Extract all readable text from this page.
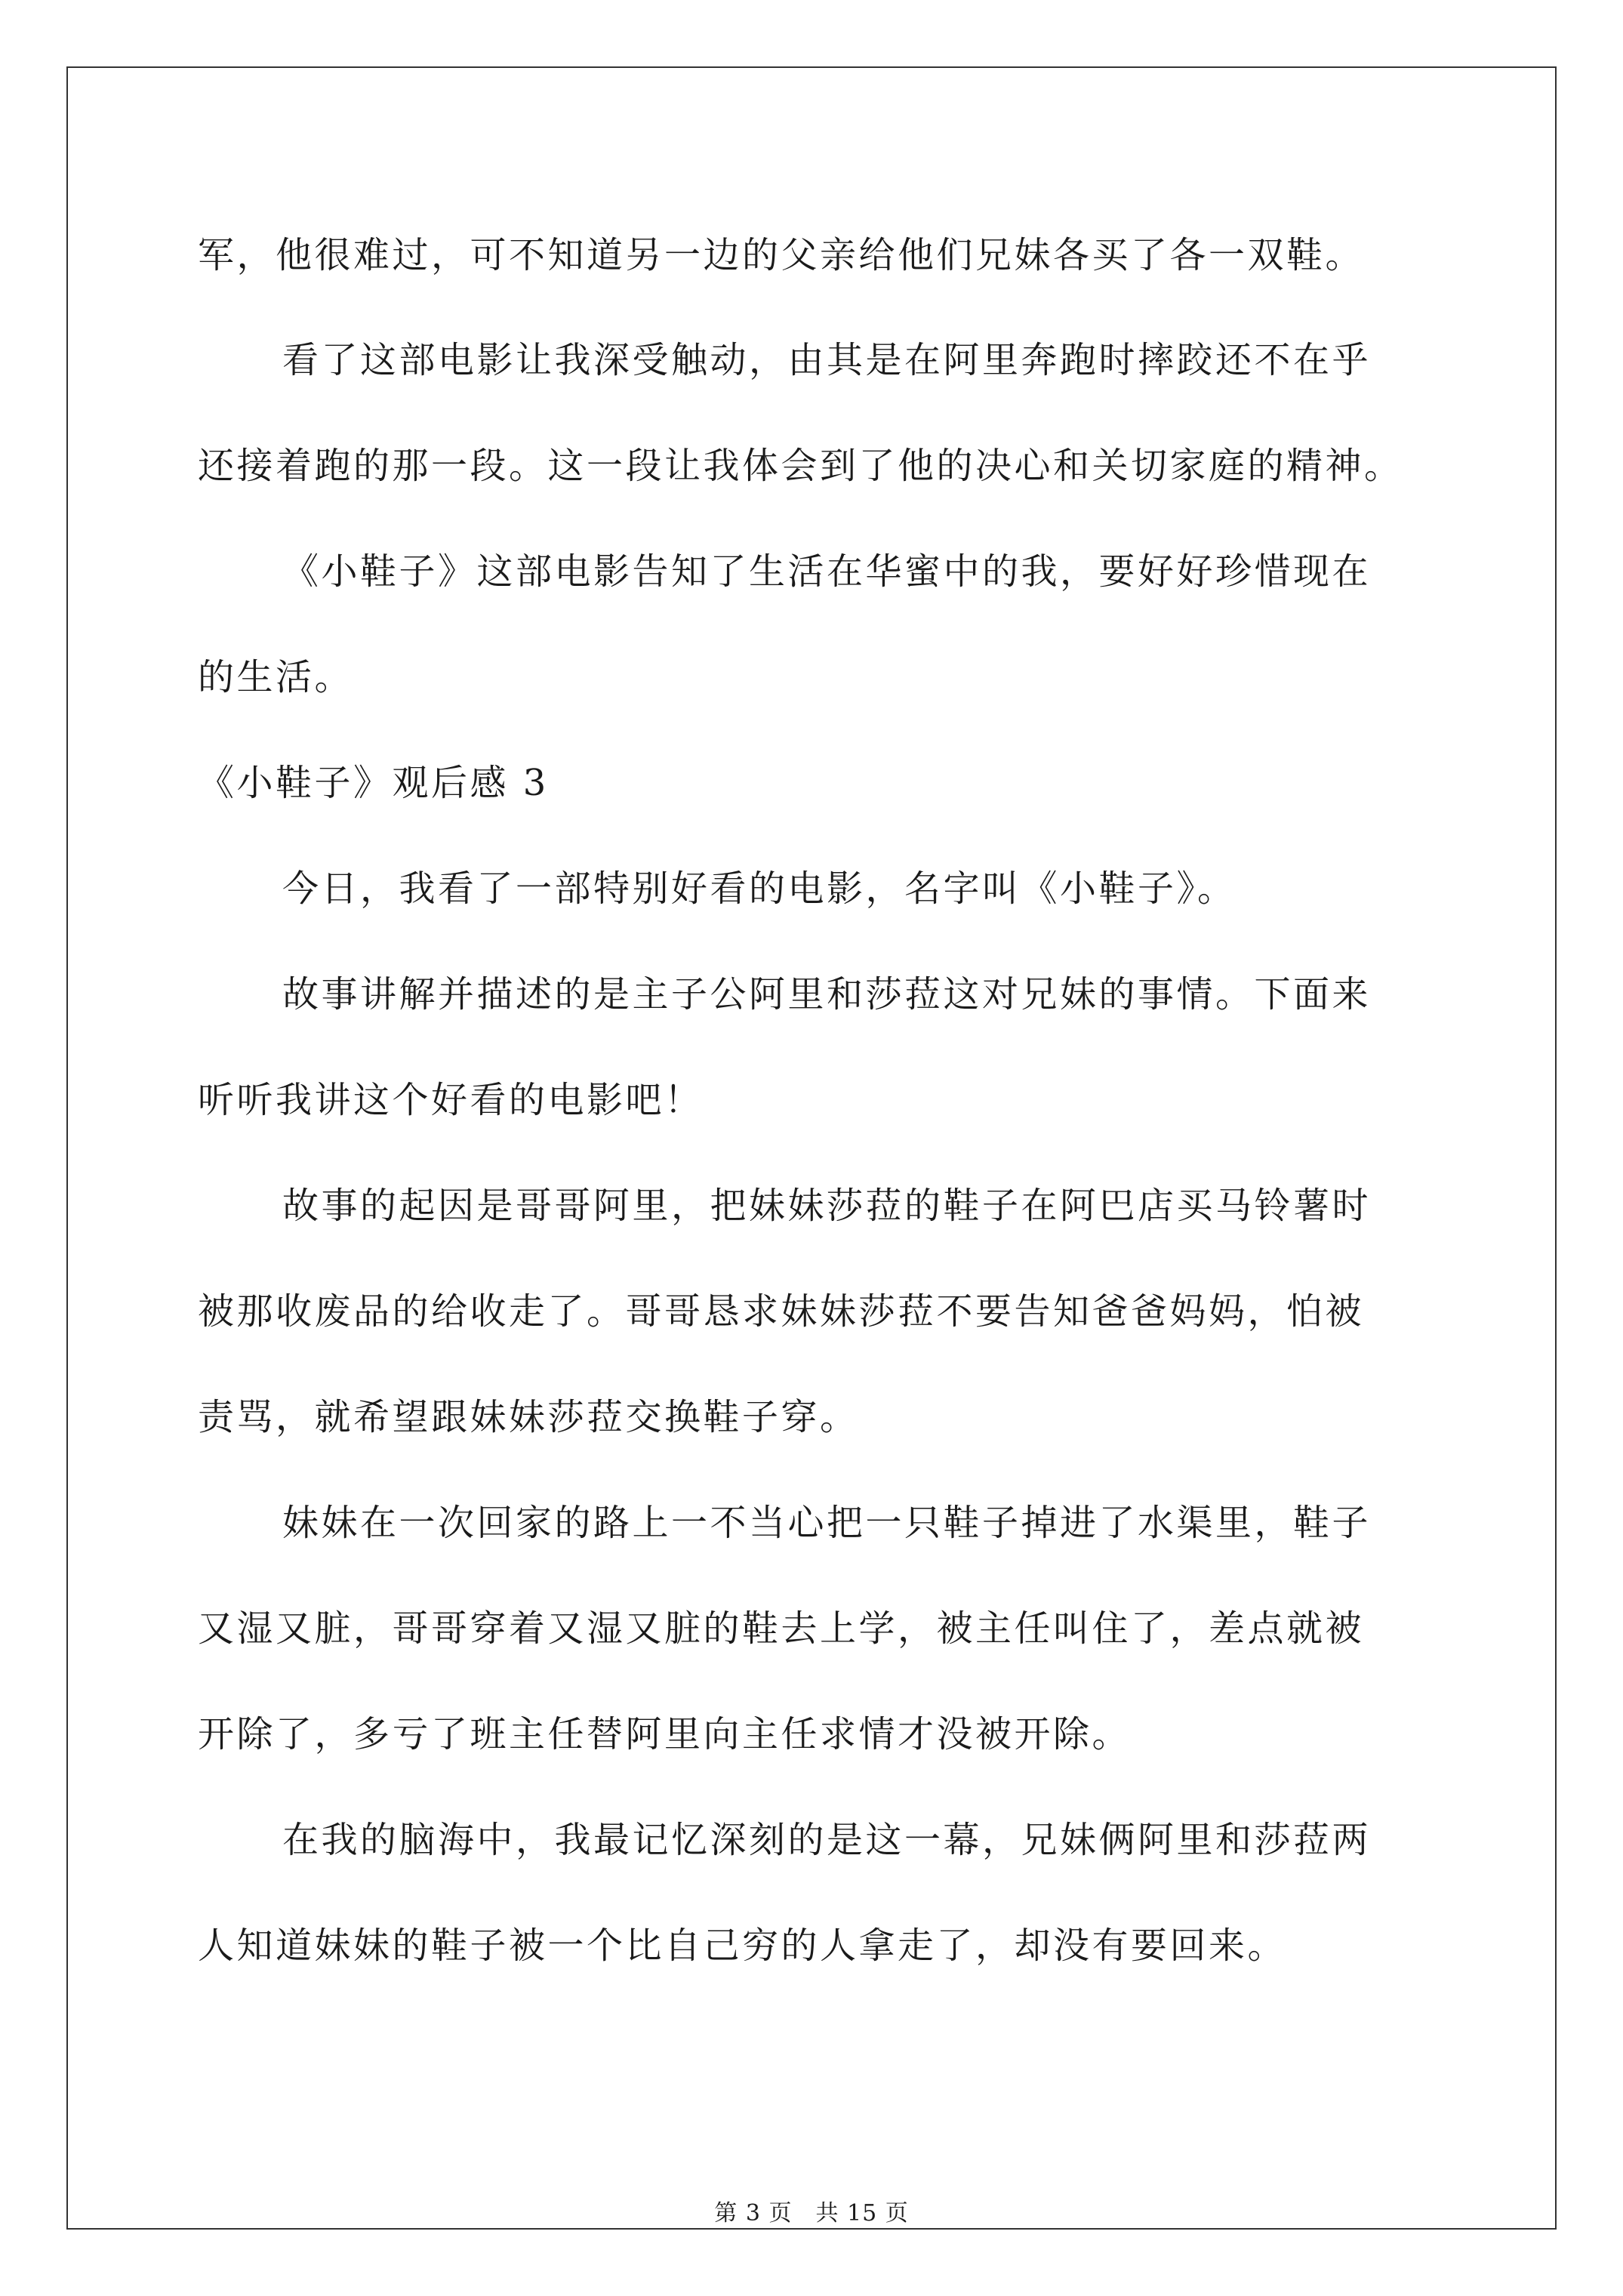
军，他很难过，可不知道另一边的父亲给他们兄妹各买了各一双鞋。
看了这部电影让我深受触动，由其是在阿里奔跑时摔跤还不在乎
还接着跑的那一段。这一段让我体会到了他的决心和关切家庭的精神。
《小鞋子》这部电影告知了生活在华蜜中的我，要好好珍惜现在
的生活。
《小鞋子》观后感 3
今日，我看了一部特别好看的电影，名字叫《小鞋子》。
故事讲解并描述的是主子公阿里和莎菈这对兄妹的事情。下面来
听听我讲这个好看的电影吧！
故事的起因是哥哥阿里，把妹妹莎菈的鞋子在阿巴店买马铃薯时
被那收废品的给收走了。哥哥恳求妹妹莎菈不要告知爸爸妈妈，怕被
责骂，就希望跟妹妹莎菈交换鞋子穿。
妹妹在一次回家的路上一不当心把一只鞋子掉进了水渠里，鞋子
又湿又脏，哥哥穿着又湿又脏的鞋去上学，被主任叫住了，差点就被
开除了，多亏了班主任替阿里向主任求情才没被开除。
在我的脑海中，我最记忆深刻的是这一幕，兄妹俩阿里和莎菈两
人知道妹妹的鞋子被一个比自己穷的人拿走了，却没有要回来。
第 3 页　共 15 页
